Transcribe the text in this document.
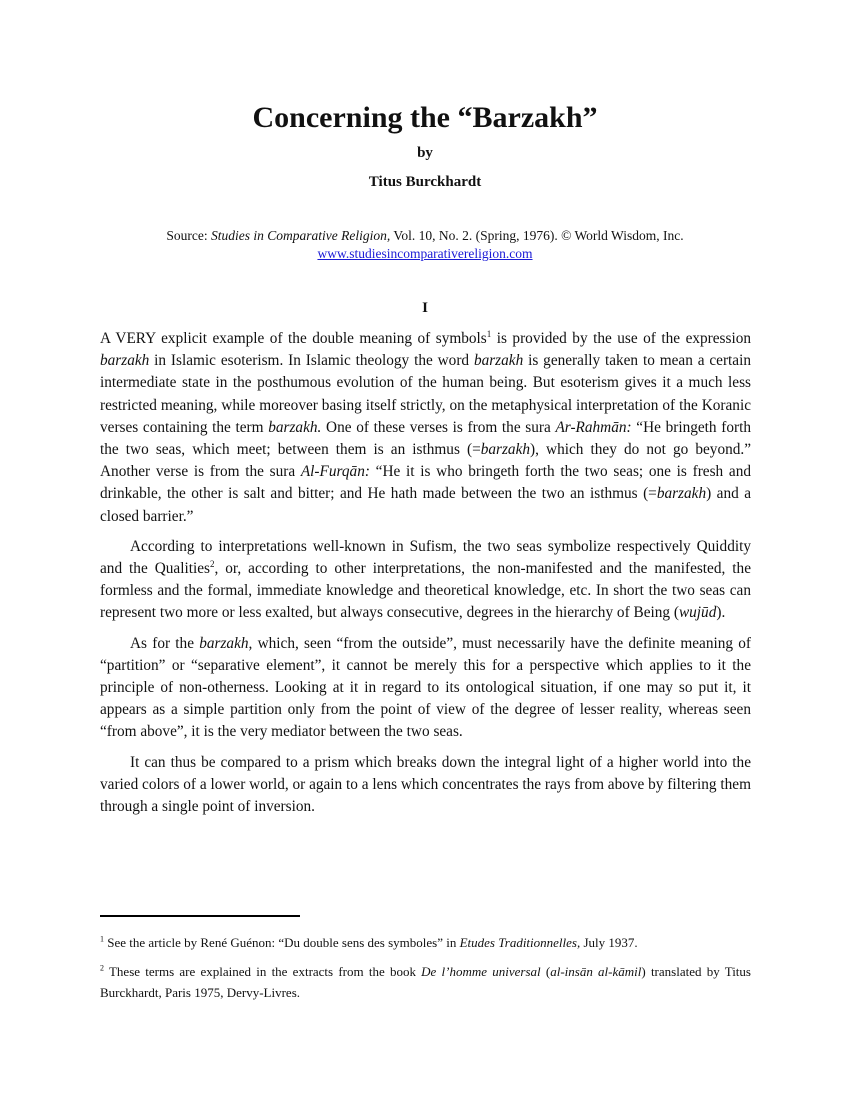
Concerning the “Barzakh”
by
Titus Burckhardt
Source: Studies in Comparative Religion, Vol. 10, No. 2. (Spring, 1976). © World Wisdom, Inc.
www.studiesincomparativereligion.com
I

A VERY explicit example of the double meaning of symbols$^1$ is provided by the use of the expression barzakh in Islamic esoterism. In Islamic theology the word barzakh is generally taken to mean a certain intermediate state in the posthumous evolution of the human being. But esoterism gives it a much less restricted meaning, while moreover basing itself strictly, on the metaphysical interpretation of the Koranic verses containing the term barzakh. One of these verses is from the sura Ar-Rahmān: “He bringeth forth the two seas, which meet; between them is an isthmus (=barzakh), which they do not go beyond.” Another verse is from the sura Al-Furqān: “He it is who bringeth forth the two seas; one is fresh and drinkable, the other is salt and bitter; and He hath made between the two an isthmus (=barzakh) and a closed barrier.”

According to interpretations well-known in Sufism, the two seas symbolize respectively Quiddity and the Qualities$^2$, or, according to other interpretations, the non-manifested and the manifested, the formless and the formal, immediate knowledge and theoretical knowledge, etc. In short the two seas can represent two more or less exalted, but always consecutive, degrees in the hierarchy of Being (wujūd).

As for the barzakh, which, seen “from the outside”, must necessarily have the definite meaning of “partition” or “separative element”, it cannot be merely this for a perspective which applies to it the principle of non-otherness. Looking at it in regard to its ontological situation, if one may so put it, it appears as a simple partition only from the point of view of the degree of lesser reality, whereas seen “from above”, it is the very mediator between the two seas.

It can thus be compared to a prism which breaks down the integral light of a higher world into the varied colors of a lower world, or again to a lens which concentrates the rays from above by filtering them through a single point of inversion.

$^1$ See the article by René Guénon: “Du double sens des symboles” in Etudes Traditionnelles, July 1937.
$^2$ These terms are explained in the extracts from the book De l’homme universal (al-insān al-kāmil) translated by Titus Burckhardt, Paris 1975, Dervy-Livres.
